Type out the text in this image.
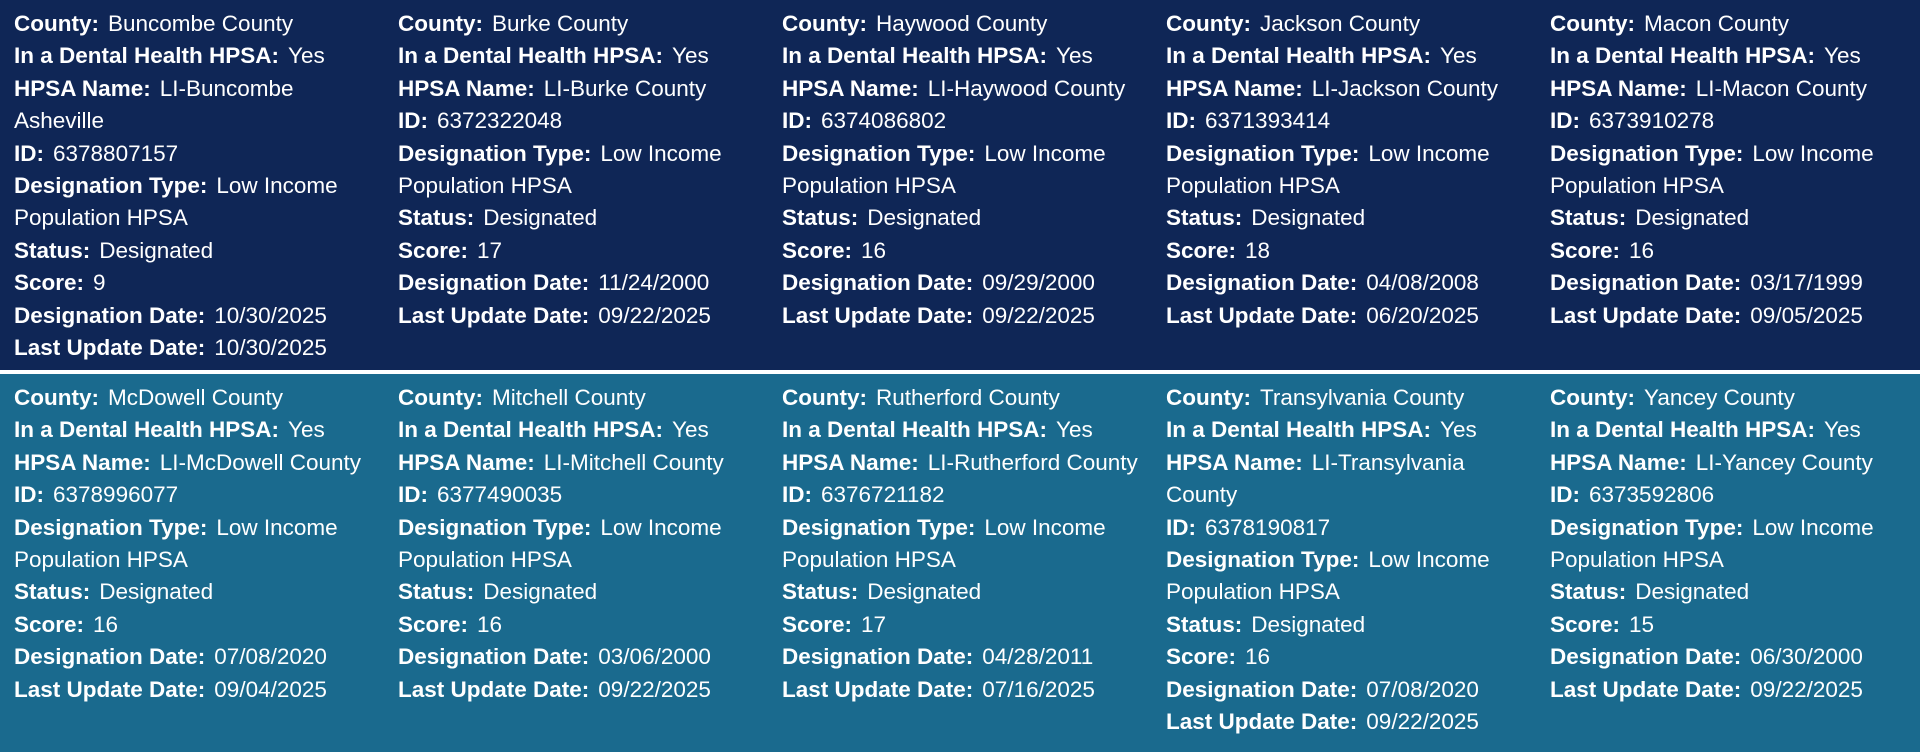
County: Buncombe County
In a Dental Health HPSA: Yes
HPSA Name: LI-Buncombe Asheville
ID: 6378807157
Designation Type: Low Income Population HPSA
Status: Designated
Score: 9
Designation Date: 10/30/2025
Last Update Date: 10/30/2025
County: Burke County
In a Dental Health HPSA: Yes
HPSA Name: LI-Burke County
ID: 6372322048
Designation Type: Low Income Population HPSA
Status: Designated
Score: 17
Designation Date: 11/24/2000
Last Update Date: 09/22/2025
County: Haywood County
In a Dental Health HPSA: Yes
HPSA Name: LI-Haywood County
ID: 6374086802
Designation Type: Low Income Population HPSA
Status: Designated
Score: 16
Designation Date: 09/29/2000
Last Update Date: 09/22/2025
County: Jackson County
In a Dental Health HPSA: Yes
HPSA Name: LI-Jackson County
ID: 6371393414
Designation Type: Low Income Population HPSA
Status: Designated
Score: 18
Designation Date: 04/08/2008
Last Update Date: 06/20/2025
County: Macon County
In a Dental Health HPSA: Yes
HPSA Name: LI-Macon County
ID: 6373910278
Designation Type: Low Income Population HPSA
Status: Designated
Score: 16
Designation Date: 03/17/1999
Last Update Date: 09/05/2025
County: McDowell County
In a Dental Health HPSA: Yes
HPSA Name: LI-McDowell County
ID: 6378996077
Designation Type: Low Income Population HPSA
Status: Designated
Score: 16
Designation Date: 07/08/2020
Last Update Date: 09/04/2025
County: Mitchell County
In a Dental Health HPSA: Yes
HPSA Name: LI-Mitchell County
ID: 6377490035
Designation Type: Low Income Population HPSA
Status: Designated
Score: 16
Designation Date: 03/06/2000
Last Update Date: 09/22/2025
County: Rutherford County
In a Dental Health HPSA: Yes
HPSA Name: LI-Rutherford County
ID: 6376721182
Designation Type: Low Income Population HPSA
Status: Designated
Score: 17
Designation Date: 04/28/2011
Last Update Date: 07/16/2025
County: Transylvania County
In a Dental Health HPSA: Yes
HPSA Name: LI-Transylvania County
ID: 6378190817
Designation Type: Low Income Population HPSA
Status: Designated
Score: 16
Designation Date: 07/08/2020
Last Update Date: 09/22/2025
County: Yancey County
In a Dental Health HPSA: Yes
HPSA Name: LI-Yancey County
ID: 6373592806
Designation Type: Low Income Population HPSA
Status: Designated
Score: 15
Designation Date: 06/30/2000
Last Update Date: 09/22/2025
